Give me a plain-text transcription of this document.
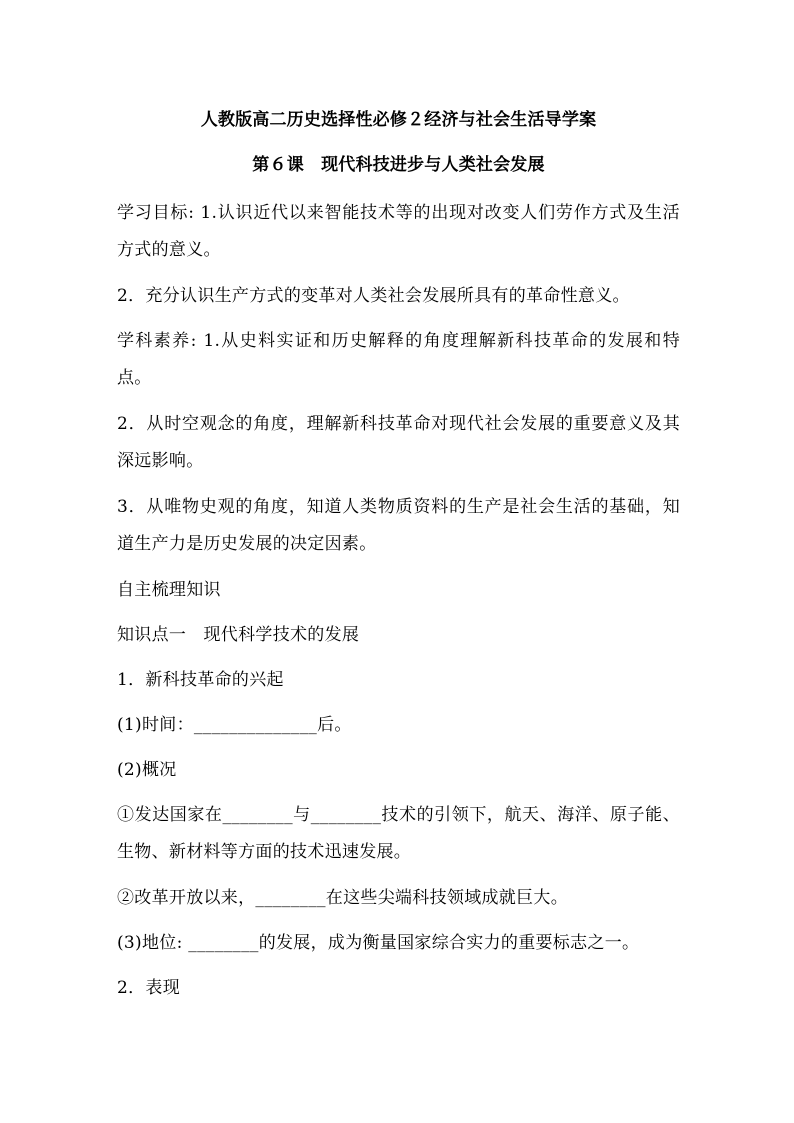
人教版高二历史选择性必修２经济与社会生活导学案
第６课　现代科技进步与人类社会发展

学习目标: 1.认识近代以来智能技术等的出现对改变人们劳作方式及生活方式的意义。

2．充分认识生产方式的变革对人类社会发展所具有的革命性意义。

学科素养: 1.从史料实证和历史解释的角度理解新科技革命的发展和特点。

2．从时空观念的角度，理解新科技革命对现代社会发展的重要意义及其深远影响。

3．从唯物史观的角度，知道人类物质资料的生产是社会生活的基础，知道生产力是历史发展的决定因素。

自主梳理知识

知识点一　现代科学技术的发展

1．新科技革命的兴起

(1)时间：______________后。

(2)概况

①发达国家在________与________技术的引领下，航天、海洋、原子能、生物、新材料等方面的技术迅速发展。

②改革开放以来，________在这些尖端科技领域成就巨大。

(3)地位: ________的发展，成为衡量国家综合实力的重要标志之一。

2．表现
